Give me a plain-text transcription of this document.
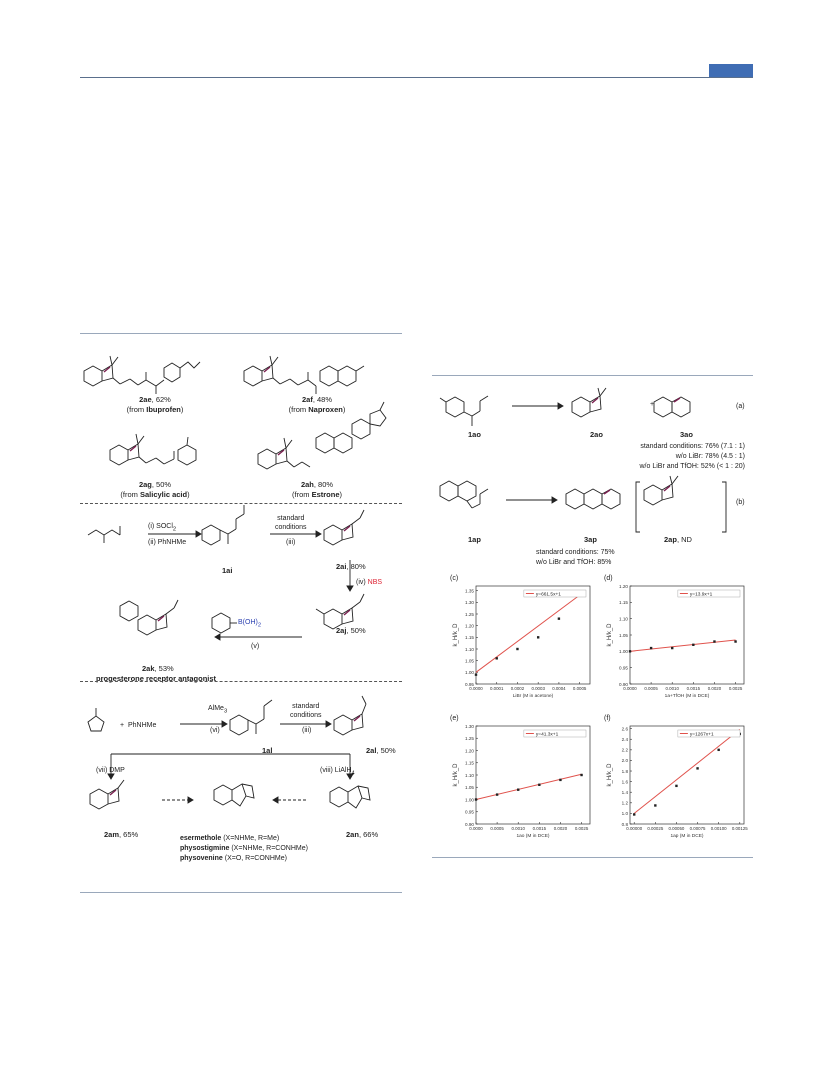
2ae, 62%
(from Ibuprofen)
2af, 48%
(from Naproxen)
2ag, 50%
(from Salicylic acid)
2ah, 80%
(from Estrone)
(i) SOCl$_2$
(ii) PhNHMe
standard
conditions
(iii)
1ai	2ai, 80%
(iv) NBS
2aj, 50%
$B(OH)_2$
(v)
2ak, 53%
progesterone receptor antagonist
+  PhNHMe
AlMe$_3$
(vi)
standard
conditions
(iii)
1al	2al, 50%
(vii) DMP	(viii) LiAlH$_4$
2am, 65%	2an, 66%
esermethole (X=NHMe, R=Me)
physostigmine (X=NHMe, R=CONHMe)
physovenine (X=O, R=CONHMe)
(a)
1ao	2ao
+
3ao
standard conditions: 76% (7.1 : 1)
w/o LiBr: 78% (4.5 : 1)
w/o LiBr and TfOH: 52% (< 1 : 20)
(b)
1ap	3ap	2ap, ND
standard conditions: 75%
w/o LiBr and TfOH: 85%
(c)
0.95
1.00
1.05
1.10
1.15
1.20
1.25
1.30
1.35
0.0000 0.0001 0.0002 0.0003 0.0004 0.0005
LiBr (M in acetone)
k_H/k_D
y=661.5x+1
(d)
0.90
0.95
1.00
1.05
1.10
1.15
1.20
0.0000 0.0005 0.0010 0.0015 0.0020 0.0025
1a+TfOH (M in DCE)
k_H/k_D
y=13.9x+1
(e)
0.90
0.95
1.00
1.05
1.10
1.15
1.20
1.25
1.30
0.0000 0.0005 0.0010 0.0015 0.0020 0.0025
1ao (M in DCE)
k_H/k_D
y=41.3x+1
(f)
0.8
1.0
1.2
1.4
1.6
1.8
2.0
2.2
2.4
2.6
0.00000 0.00025 0.00050 0.00075 0.00100 0.00125
1ap (M in DCE)
k_H/k_D
y=1267x+1
